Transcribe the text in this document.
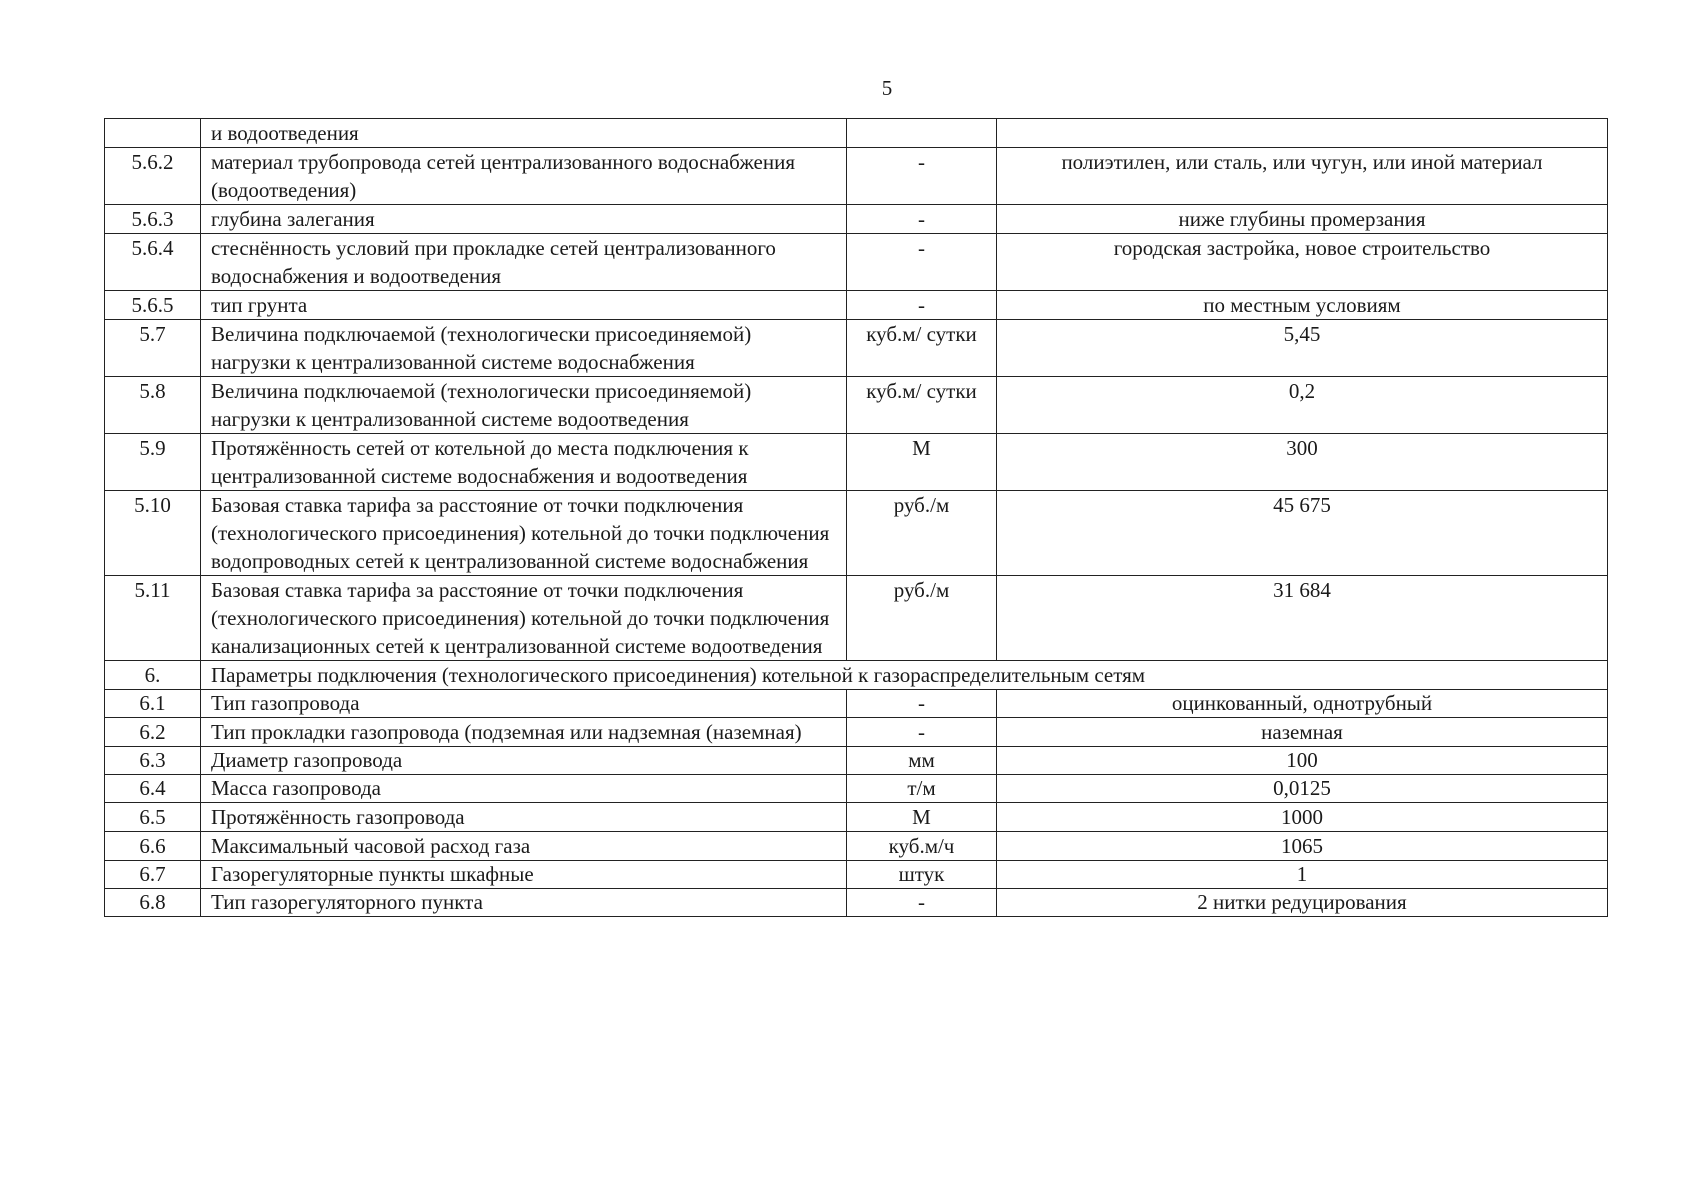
5
	и водоотведения		
5.6.2	материал трубопровода сетей централизованного водоснабжения (водоотведения)	-	полиэтилен, или сталь, или чугун, или иной материал
5.6.3	глубина залегания	-	ниже глубины промерзания
5.6.4	стеснённость условий при прокладке сетей централизованного водоснабжения и водоотведения	-	городская застройка, новое строительство
5.6.5	тип грунта	-	по местным условиям
5.7	Величина подключаемой (технологически присоединяемой) нагрузки к централизованной системе водоснабжения	куб.м/ сутки	5,45
5.8	Величина подключаемой (технологически присоединяемой) нагрузки к централизованной системе водоотведения	куб.м/ сутки	0,2
5.9	Протяжённость сетей от котельной до места подключения к централизованной системе водоснабжения и водоотведения	М	300
5.10	Базовая ставка тарифа за расстояние от точки подключения (технологического присоединения) котельной до точки подключения водопроводных сетей к централизованной системе водоснабжения	руб./м	45 675
5.11	Базовая ставка тарифа за расстояние от точки подключения (технологического присоединения) котельной до точки подключения канализационных сетей к централизованной системе водоотведения	руб./м	31 684
6.	Параметры подключения (технологического присоединения) котельной к газораспределительным сетям		
6.1	Тип газопровода	-	оцинкованный, однотрубный
6.2	Тип прокладки газопровода (подземная или надземная (наземная)	-	наземная
6.3	Диаметр газопровода	мм	100
6.4	Масса газопровода	т/м	0,0125
6.5	Протяжённость газопровода	М	1000
6.6	Максимальный часовой расход газа	куб.м/ч	1065
6.7	Газорегуляторные пункты шкафные	штук	1
6.8	Тип газорегуляторного пункта	-	2 нитки редуцирования
